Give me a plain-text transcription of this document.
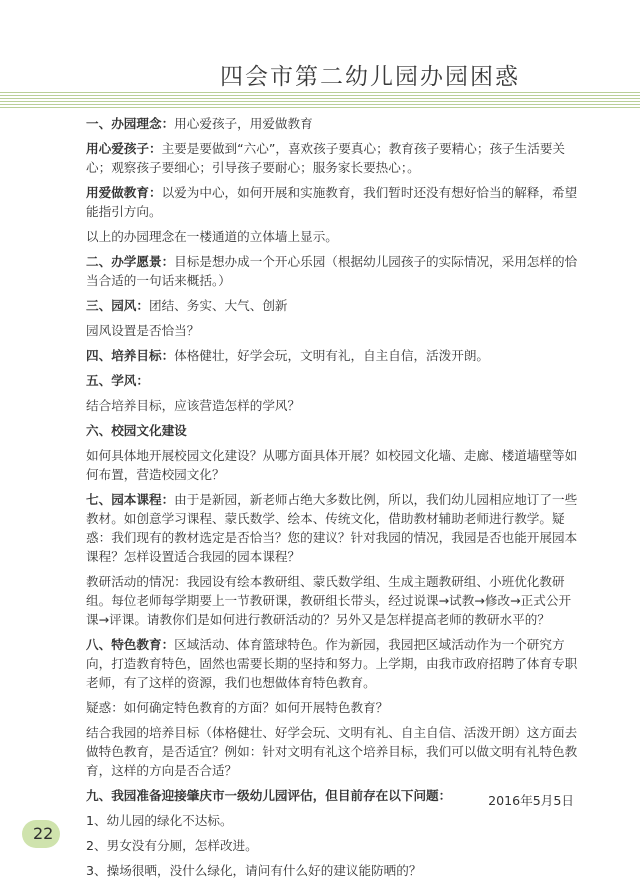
四会市第二幼儿园办园困惑

一、办园理念：用心爱孩子，用爱做教育

用心爱孩子：主要是要做到“六心”，喜欢孩子要真心；教育孩子要精心；孩子生活要关心；观察孩子要细心；引导孩子要耐心；服务家长要热心；。

用爱做教育：以爱为中心，如何开展和实施教育，我们暂时还没有想好恰当的解释，希望能指引方向。

以上的办园理念在一楼通道的立体墙上显示。

二、办学愿景：目标是想办成一个开心乐园（根据幼儿园孩子的实际情况，采用怎样的恰当合适的一句话来概括。）

三、园风：团结、务实、大气、创新

园风设置是否恰当？

四、培养目标：体格健壮，好学会玩，文明有礼，自主自信，活泼开朗。

五、学风：

结合培养目标，应该营造怎样的学风？

六、校园文化建设

如何具体地开展校园文化建设？从哪方面具体开展？如校园文化墙、走廊、楼道墙壁等如何布置，营造校园文化？

七、园本课程：由于是新园，新老师占绝大多数比例，所以，我们幼儿园相应地订了一些教材。如创意学习课程、蒙氏数学、绘本、传统文化，借助教材辅助老师进行教学。疑惑：我们现有的教材选定是否恰当？您的建议？针对我园的情况，我园是否也能开展园本课程？怎样设置适合我园的园本课程？

教研活动的情况：我园设有绘本教研组、蒙氏数学组、生成主题教研组、小班优化教研组。每位老师每学期要上一节教研课，教研组长带头，经过说课→试教→修改→正式公开课→评课。请教你们是如何进行教研活动的？另外又是怎样提高老师的教研水平的？

八、特色教育：区域活动、体育篮球特色。作为新园，我园把区域活动作为一个研究方向，打造教育特色，固然也需要长期的坚持和努力。上学期，由我市政府招聘了体育专职老师，有了这样的资源，我们也想做体育特色教育。

疑惑：如何确定特色教育的方面？如何开展特色教育？

结合我园的培养目标（体格健壮、好学会玩、文明有礼、自主自信、活泼开朗）这方面去做特色教育，是否适宜？例如：针对文明有礼这个培养目标，我们可以做文明有礼特色教育，这样的方向是否合适？

九、我园准备迎接肇庆市一级幼儿园评估，但目前存在以下问题：

1、幼儿园的绿化不达标。

2、男女没有分厕，怎样改进。

3、操场很晒，没什么绿化，请问有什么好的建议能防晒的？

2016年5月5日
22
